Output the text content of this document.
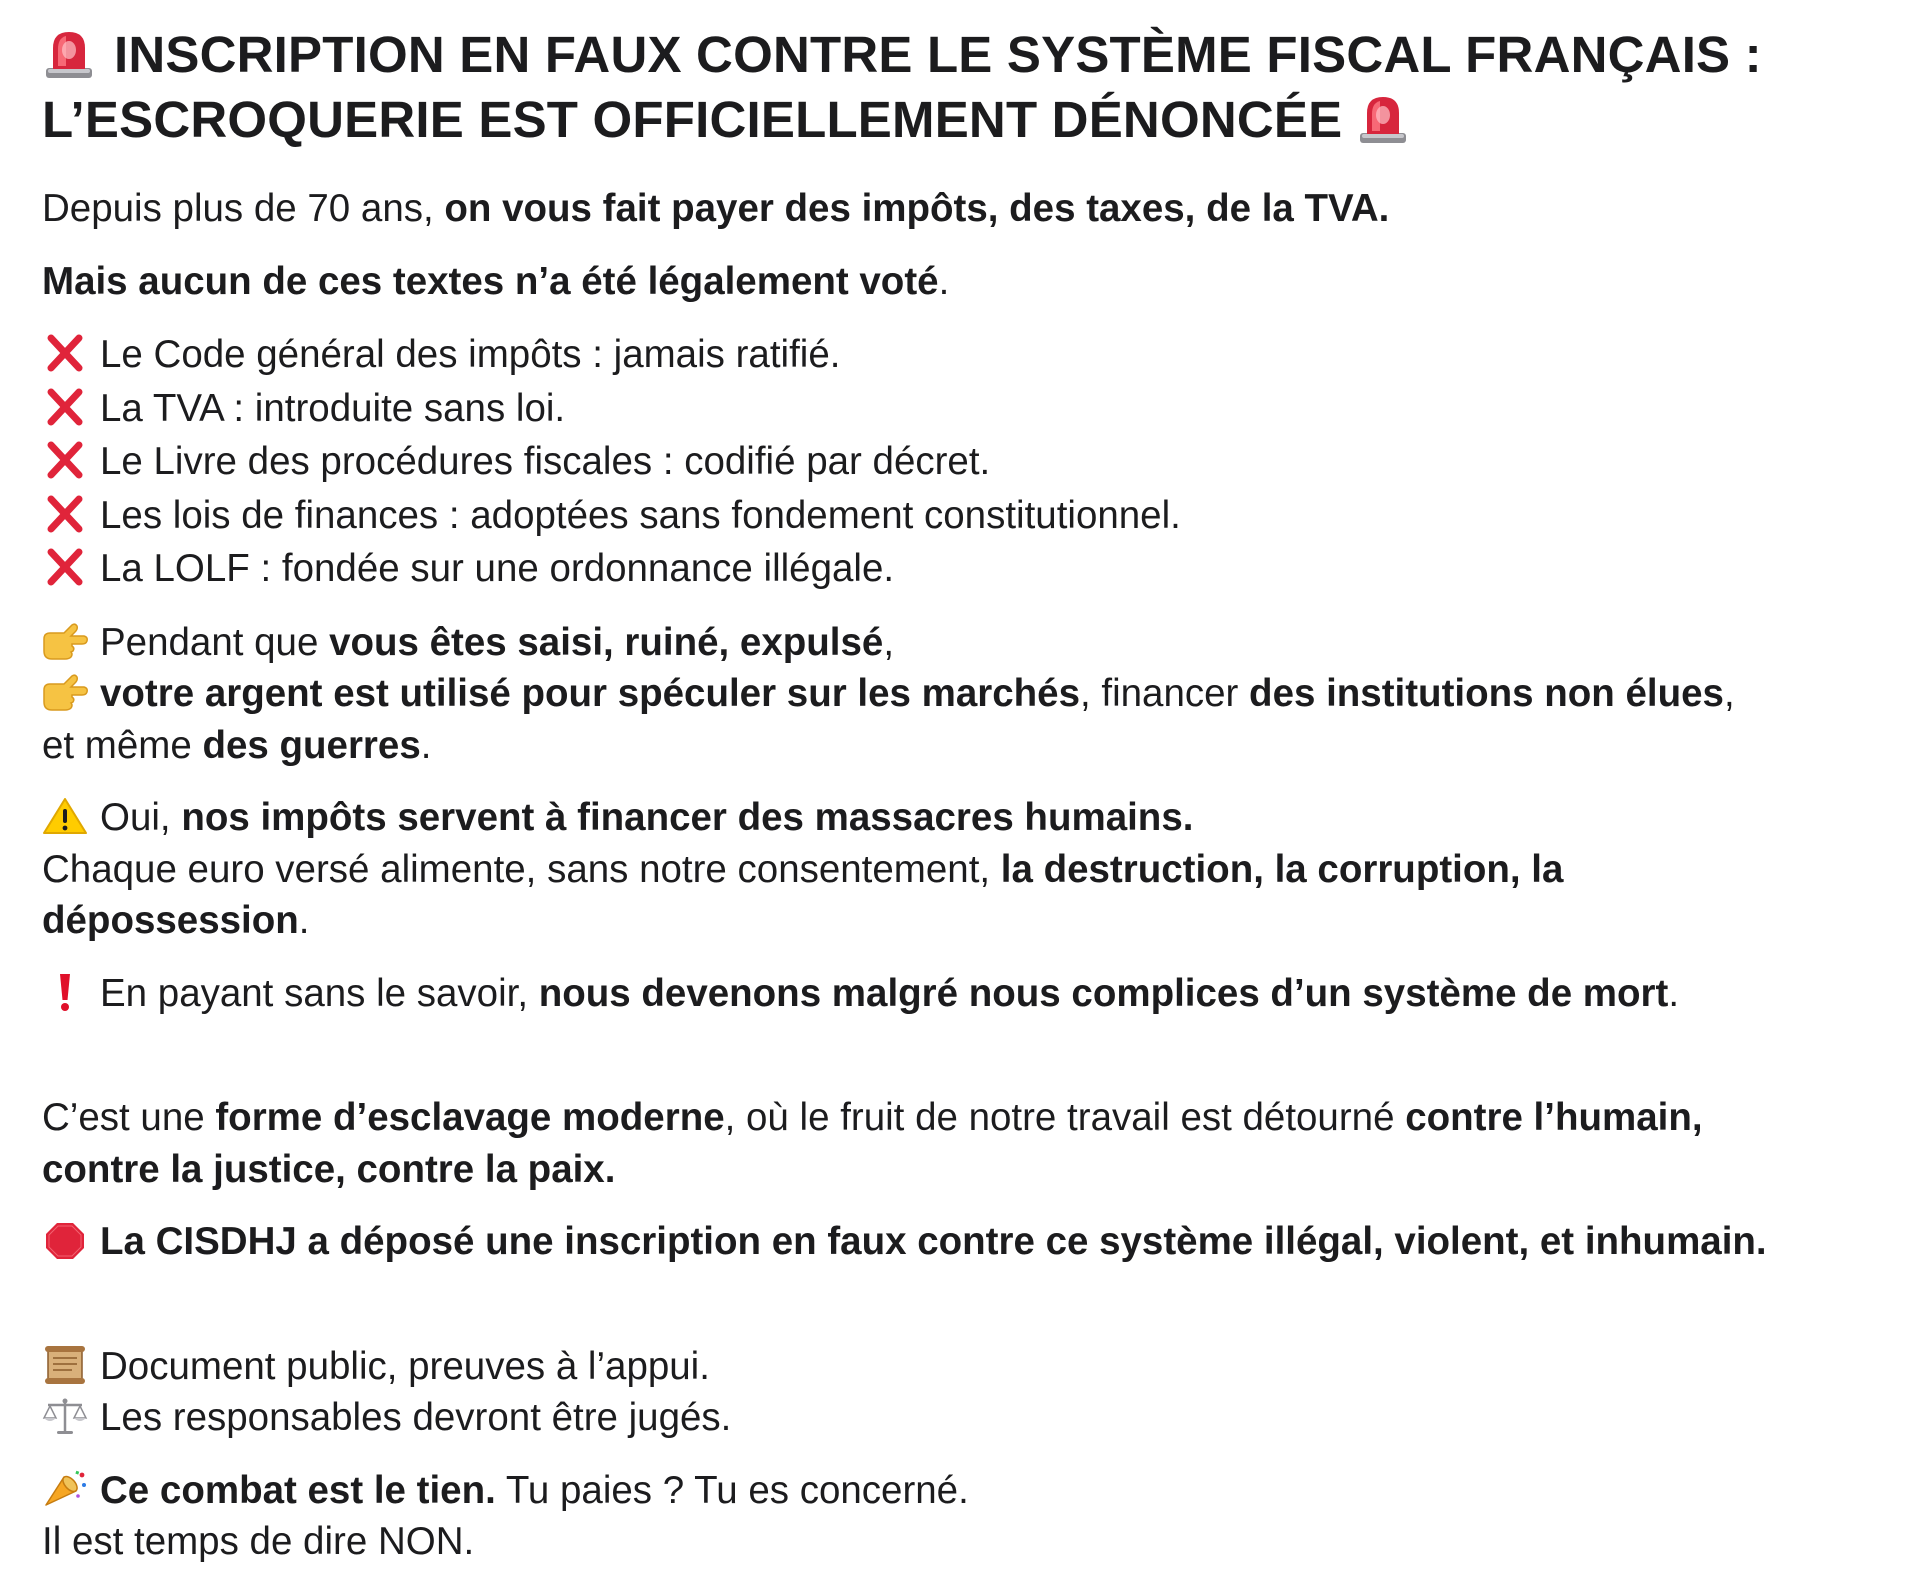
INSCRIPTION EN FAUX CONTRE LE SYSTÈME FISCAL FRANÇAIS :
L’ESCROQUERIE EST OFFICIELLEMENT DÉNONCÉE

Depuis plus de 70 ans, on vous fait payer des impôts, des taxes, de la TVA.

Mais aucun de ces textes n’a été légalement voté.

Le Code général des impôts : jamais ratifié.
La TVA : introduite sans loi.
Le Livre des procédures fiscales : codifié par décret.
Les lois de finances : adoptées sans fondement constitutionnel.
La LOLF : fondée sur une ordonnance illégale.

Pendant que vous êtes saisi, ruiné, expulsé,

votre argent est utilisé pour spéculer sur les marchés, financer des institutions non élues,

et même des guerres.

Oui, nos impôts servent à financer des massacres humains.

Chaque euro versé alimente, sans notre consentement, la destruction, la corruption, la

dépossession.

En payant sans le savoir, nous devenons malgré nous complices d’un système de mort.

C’est une forme d’esclavage moderne, où le fruit de notre travail est détourné contre l’humain,

contre la justice, contre la paix.

La CISDHJ a déposé une inscription en faux contre ce système illégal, violent, et inhumain.

Document public, preuves à l’appui.

Les responsables devront être jugés.

Ce combat est le tien. Tu paies ? Tu es concerné.

Il est temps de dire NON.
